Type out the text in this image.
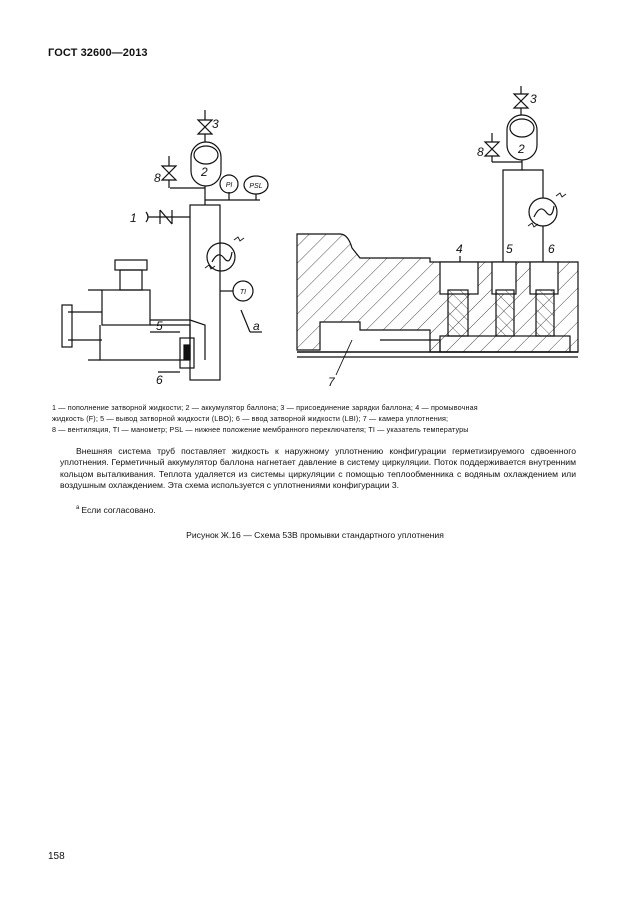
ГОСТ 32600—2013
3
2
8
1
5
6
a
PI PSL
TI
3
2
8
4	5	6
7

1 — пополнение затворной жидкости; 2 — аккумулятор баллона; 3 — присоединение зарядки баллона; 4 — промывочная

жидкость (F); 5 — вывод затворной жидкости (LBO); 6 — ввод затворной жидкости (LBI); 7 — камера уплотнения;

8 — вентиляция, TI — манометр; PSL — нижнее положение мембранного переключателя; TI — указатель температуры

Внешняя система труб поставляет жидкость к наружному уплотнению конфигурации герметизируемого сдвоенного уплотнения. Герметичный аккумулятор баллона нагнетает давление в систему циркуляции. Поток поддерживается внутренним кольцом выталкивания. Теплота удаляется из системы циркуляции с помощью теплообменника с водяным охлаждением или воздушным охлаждением. Эта схема используется с уплотнениями конфигурации 3.

$^а$ Если согласовано.
Рисунок Ж.16 — Схема 53В промывки стандартного уплотнения
158
